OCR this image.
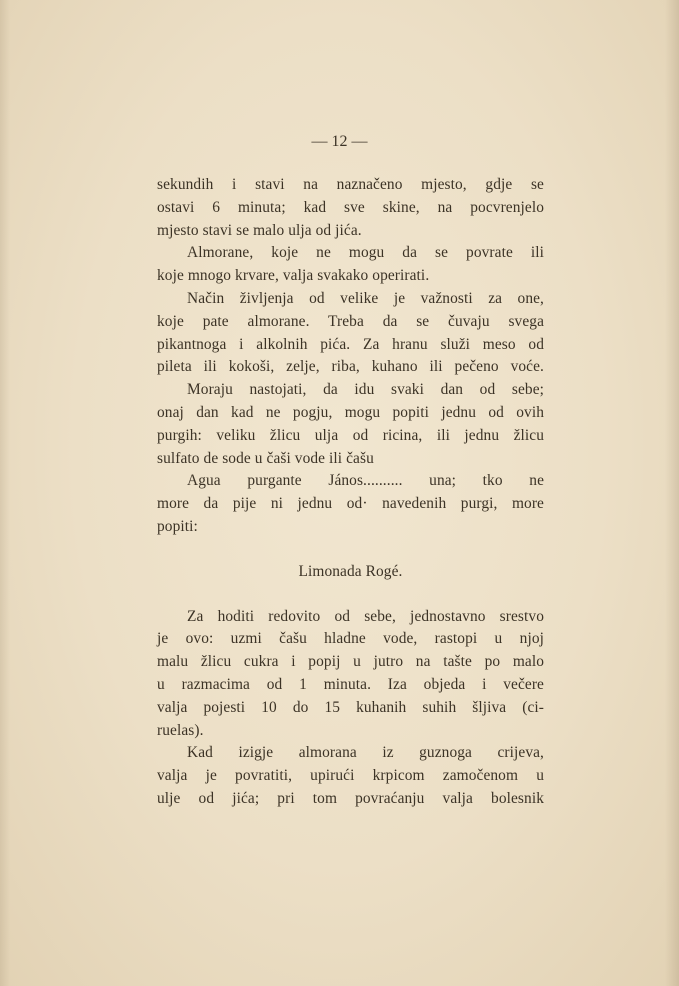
— 12 —
sekundih i stavi na naznačeno mjesto, gdje se
ostavi 6 minuta; kad sve skine, na pocvrenjelo
mjesto stavi se malo ulja od jića.
Almorane, koje ne mogu da se povrate ili
koje mnogo krvare, valja svakako operirati.
Način življenja od velike je važnosti za one,
koje pate almorane. Treba da se čuvaju svega
pikantnoga i alkolnih pića. Za hranu služi meso od
pileta ili kokoši, zelje, riba, kuhano ili pečeno voće.
Moraju nastojati, da idu svaki dan od sebe;
onaj dan kad ne pogju, mogu popiti jednu od ovih
purgih: veliku žlicu ulja od ricina, ili jednu žlicu
sulfato de sode u čaši vode ili čašu
Agua purgante János.......... una; tko ne
more da pije ni jednu od· navedenih purgi, more
popiti:
Limonada Rogé.
Za hoditi redovito od sebe, jednostavno srestvo
je ovo: uzmi čašu hladne vode, rastopi u njoj
malu žlicu cukra i popij u jutro na tašte po malo
u razmacima od 1 minuta. Iza objeda i večere
valja pojesti 10 do 15 kuhanih suhih šljiva (ci-
ruelas).
Kad izigje almorana iz guznoga crijeva,
valja je povratiti, upirući krpicom zamočenom u
ulje od jića; pri tom povraćanju valja bolesnik
